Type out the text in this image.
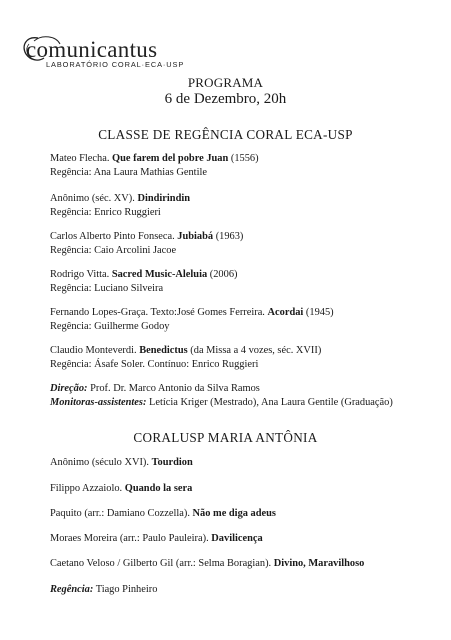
comunicantus
LABORATÓRIO CORAL·ECA·USP
PROGRAMA
6 de Dezembro, 20h
CLASSE DE REGÊNCIA CORAL ECA-USP
Mateo Flecha. Que farem del pobre Juan (1556)
Regência: Ana Laura Mathias Gentile
Anônimo (séc. XV). Dindirindin
Regência: Enrico Ruggieri
Carlos Alberto Pinto Fonseca. Jubiabá (1963)
Regência: Caio Arcolini Jacoe
Rodrigo Vitta. Sacred Music-Aleluia (2006)
Regência: Luciano Silveira
Fernando Lopes-Graça. Texto:José Gomes Ferreira. Acordai (1945)
Regência: Guilherme Godoy
Claudio Monteverdi. Benedictus (da Missa a 4 vozes, séc. XVII)
Regência: Ásafe Soler. Contínuo: Enrico Ruggieri
Direção: Prof. Dr. Marco Antonio da Silva Ramos
Monitoras-assistentes: Letícia Kriger (Mestrado), Ana Laura Gentile (Graduação)
CORALUSP MARIA ANTÔNIA
Anônimo (século XVI). Tourdion
Filippo Azzaiolo. Quando la sera
Paquito (arr.: Damiano Cozzella). Não me diga adeus
Moraes Moreira (arr.: Paulo Pauleira). Davilicença
Caetano Veloso / Gilberto Gil (arr.: Selma Boragian). Divino, Maravilhoso
Regência: Tiago Pinheiro
